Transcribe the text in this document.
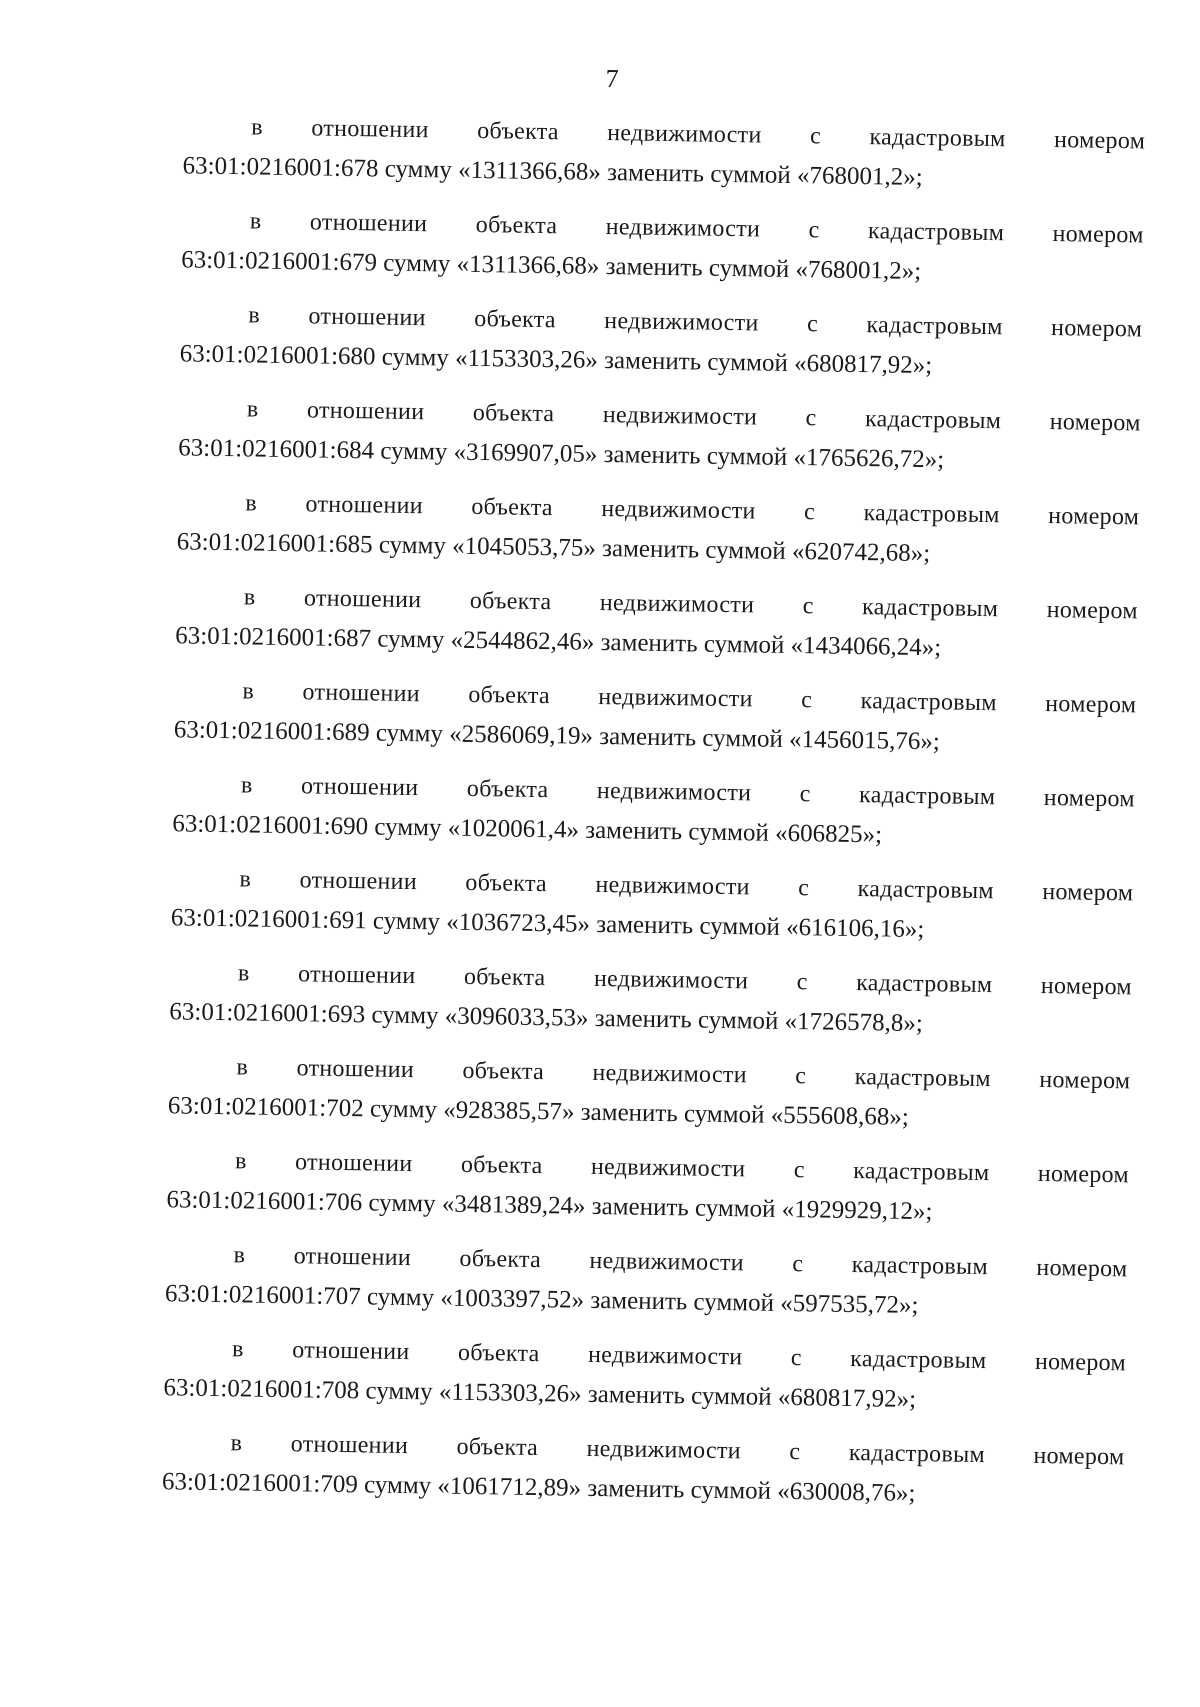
7
в отношении объекта недвижимости с кадастровым номером
63:01:0216001:678 сумму «1311366,68» заменить суммой «768001,2»;
в отношении объекта недвижимости с кадастровым номером
63:01:0216001:679 сумму «1311366,68» заменить суммой «768001,2»;
в отношении объекта недвижимости с кадастровым номером
63:01:0216001:680 сумму «1153303,26» заменить суммой «680817,92»;
в отношении объекта недвижимости с кадастровым номером
63:01:0216001:684 сумму «3169907,05» заменить суммой «1765626,72»;
в отношении объекта недвижимости с кадастровым номером
63:01:0216001:685 сумму «1045053,75» заменить суммой «620742,68»;
в отношении объекта недвижимости с кадастровым номером
63:01:0216001:687 сумму «2544862,46» заменить суммой «1434066,24»;
в отношении объекта недвижимости с кадастровым номером
63:01:0216001:689 сумму «2586069,19» заменить суммой «1456015,76»;
в отношении объекта недвижимости с кадастровым номером
63:01:0216001:690 сумму «1020061,4» заменить суммой «606825»;
в отношении объекта недвижимости с кадастровым номером
63:01:0216001:691 сумму «1036723,45» заменить суммой «616106,16»;
в отношении объекта недвижимости с кадастровым номером
63:01:0216001:693 сумму «3096033,53» заменить суммой «1726578,8»;
в отношении объекта недвижимости с кадастровым номером
63:01:0216001:702 сумму «928385,57» заменить суммой «555608,68»;
в отношении объекта недвижимости с кадастровым номером
63:01:0216001:706 сумму «3481389,24» заменить суммой «1929929,12»;
в отношении объекта недвижимости с кадастровым номером
63:01:0216001:707 сумму «1003397,52» заменить суммой «597535,72»;
в отношении объекта недвижимости с кадастровым номером
63:01:0216001:708 сумму «1153303,26» заменить суммой «680817,92»;
в отношении объекта недвижимости с кадастровым номером
63:01:0216001:709 сумму «1061712,89» заменить суммой «630008,76»;
